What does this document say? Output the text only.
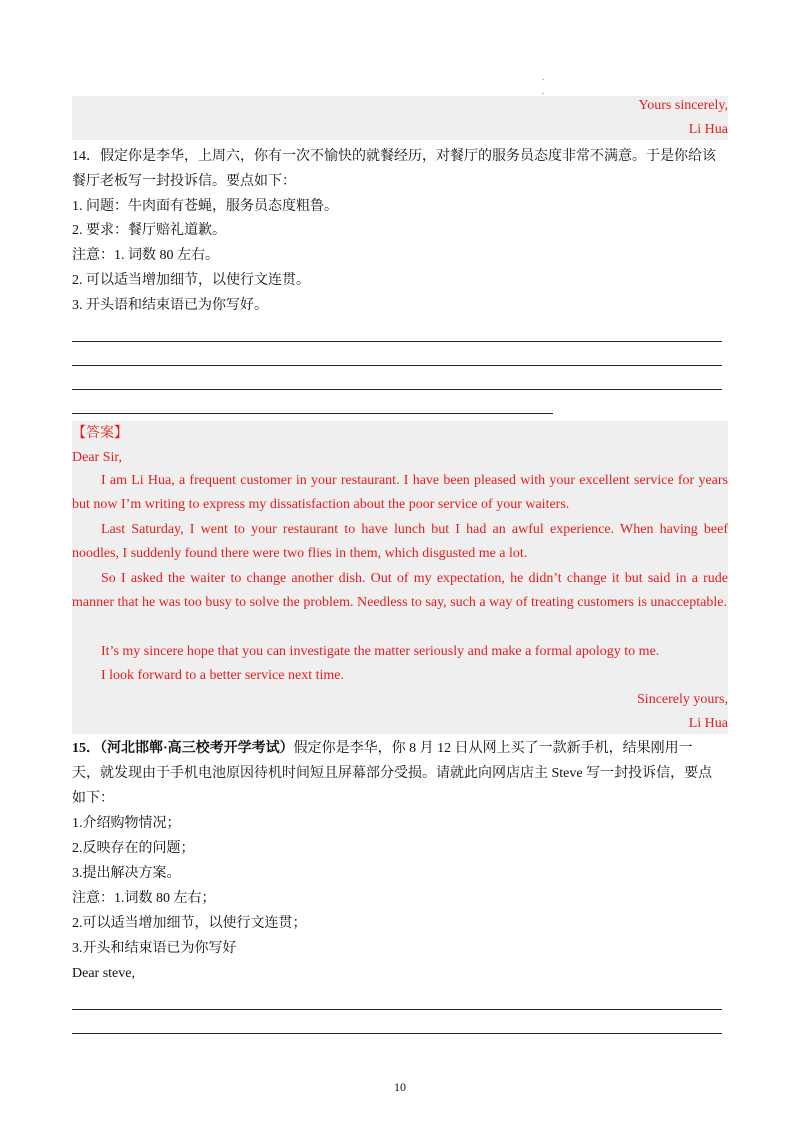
.
.
Yours sincerely,
Li Hua
14．假定你是李华，上周六，你有一次不愉快的就餐经历，对餐厅的服务员态度非常不满意。于是你给该
餐厅老板写一封投诉信。要点如下：
1. 问题：牛肉面有苍蝇，服务员态度粗鲁。
2. 要求：餐厅赔礼道歉。
注意：1. 词数 80 左右。
2. 可以适当增加细节，以使行文连贯。
3. 开头语和结束语已为你写好。
【答案】
Dear Sir,

I am Li Hua, a frequent customer in your restaurant. I have been pleased with your excellent service for years but now I’m writing to express my dissatisfaction about the poor service of your waiters.

Last Saturday, I went to your restaurant to have lunch but I had an awful experience. When having beef noodles, I suddenly found there were two flies in them, which disgusted me a lot.

So I asked the waiter to change another dish. Out of my expectation, he didn’t change it but said in a rude manner that he was too busy to solve the problem. Needless to say, such a way of treating customers is unacceptable.

It’s my sincere hope that you can investigate the matter seriously and make a formal apology to me.

I look forward to a better service next time.

Sincerely yours,
Li Hua
15．（河北邯郸·高三校考开学考试）假定你是李华，你 8 月 12 日从网上买了一款新手机，结果刚用一
天，就发现由于手机电池原因待机时间短且屏幕部分受损。请就此向网店店主 Steve 写一封投诉信，要点
如下：
1.介绍购物情况；
2.反映存在的问题；
3.提出解决方案。
注意：1.词数 80 左右；
2.可以适当增加细节，以使行文连贯；
3.开头和结束语已为你写好
Dear steve,
10
